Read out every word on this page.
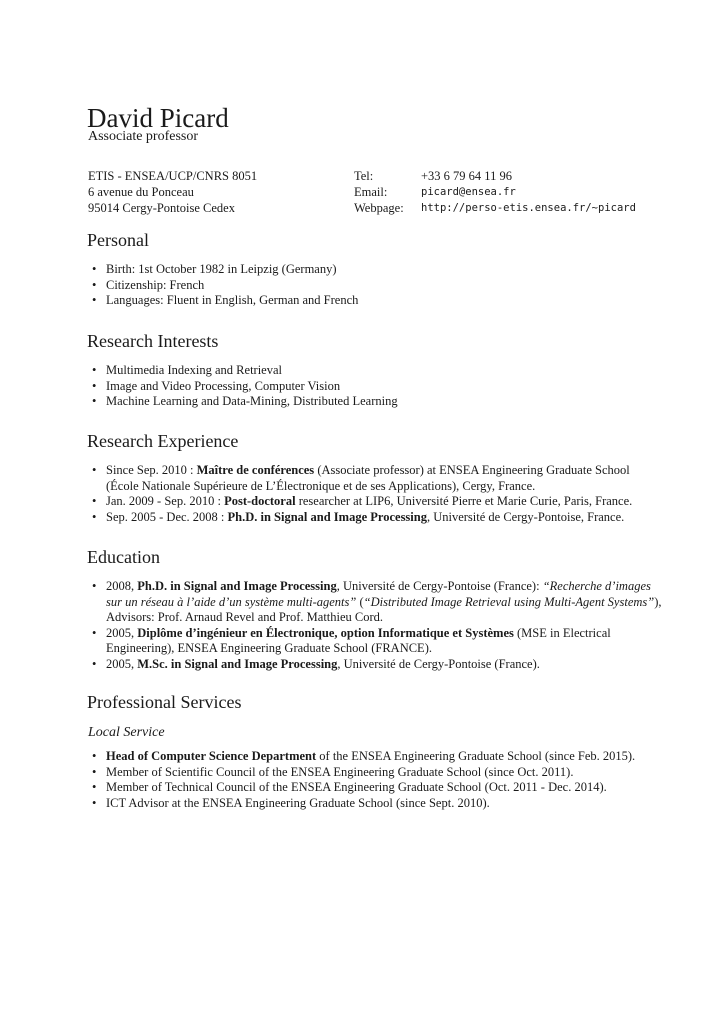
David Picard
Associate professor
ETIS - ENSEA/UCP/CNRS 8051
6 avenue du Ponceau
95014 Cergy-Pontoise Cedex
Tel:	+33 6 79 64 11 96
Email:	picard@ensea.fr
Webpage:	http://perso-etis.ensea.fr/~picard
Personal
• Birth: 1st October 1982 in Leipzig (Germany)
• Citizenship: French
• Languages: Fluent in English, German and French
Research Interests
• Multimedia Indexing and Retrieval
• Image and Video Processing, Computer Vision
• Machine Learning and Data-Mining, Distributed Learning
Research Experience
• Since Sep. 2010 : Maître de conférences (Associate professor) at ENSEA Engineering Graduate School (École Nationale Supérieure de L’Électronique et de ses Applications), Cergy, France.
• Jan. 2009 - Sep. 2010 : Post-doctoral researcher at LIP6, Université Pierre et Marie Curie, Paris, France.
• Sep. 2005 - Dec. 2008 : Ph.D. in Signal and Image Processing, Université de Cergy-Pontoise, France.
Education
• 2008, Ph.D. in Signal and Image Processing, Université de Cergy-Pontoise (France): “Recherche d’images sur un réseau à l’aide d’un système multi-agents” (“Distributed Image Retrieval using Multi-Agent Systems”), Advisors: Prof. Arnaud Revel and Prof. Matthieu Cord.
• 2005, Diplôme d’ingénieur en Électronique, option Informatique et Systèmes (MSE in Electrical Engineering), ENSEA Engineering Graduate School (FRANCE).
• 2005, M.Sc. in Signal and Image Processing, Université de Cergy-Pontoise (France).
Professional Services
Local Service
• Head of Computer Science Department of the ENSEA Engineering Graduate School (since Feb. 2015).
• Member of Scientific Council of the ENSEA Engineering Graduate School (since Oct. 2011).
• Member of Technical Council of the ENSEA Engineering Graduate School (Oct. 2011 - Dec. 2014).
• ICT Advisor at the ENSEA Engineering Graduate School (since Sept. 2010).
